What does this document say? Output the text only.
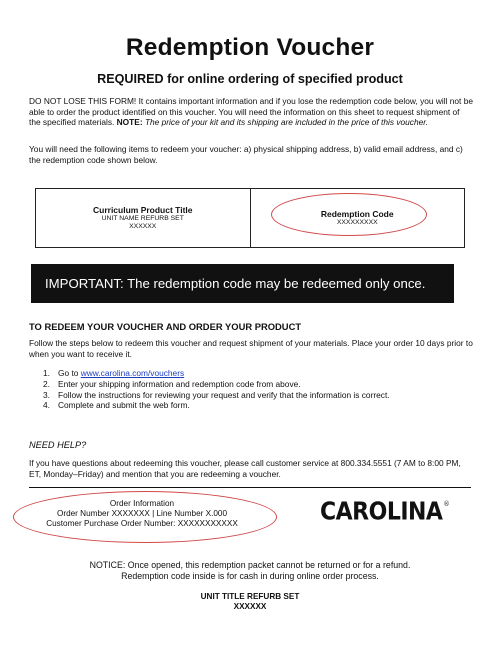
Redemption Voucher
REQUIRED for online ordering of specified product
DO NOT LOSE THIS FORM! It contains important information and if you lose the redemption code below, you will not be able to order the product identified on this voucher. You will need the information on this sheet to request shipment of the specified materials. NOTE: The price of your kit and its shipping are included in the price of this voucher.
You will need the following items to redeem your voucher: a) physical shipping address, b) valid email address, and c) the redemption code shown below.
Curriculum Product Title
UNIT NAME REFURB SET
XXXXXX
Redemption Code
XXXXXXXXX
IMPORTANT: The redemption code may be redeemed only once.
TO REDEEM YOUR VOUCHER AND ORDER YOUR PRODUCT
Follow the steps below to redeem this voucher and request shipment of your materials. Place your order 10 days prior to when you want to receive it.
1. Go to www.carolina.com/vouchers
2. Enter your shipping information and redemption code from above.
3. Follow the instructions for reviewing your request and verify that the information is correct.
4. Complete and submit the web form.
NEED HELP?
If you have questions about redeeming this voucher, please call customer service at 800.334.5551 (7 AM to 8:00 PM, ET, Monday–Friday) and mention that you are redeeming a voucher.
Order Information
Order Number XXXXXXX | Line Number X.000
Customer Purchase Order Number: XXXXXXXXXXX	CAROLINA ®
NOTICE: Once opened, this redemption packet cannot be returned or for a refund.
Redemption code inside is for cash in during online order process.
UNIT TITLE REFURB SET
XXXXXX
